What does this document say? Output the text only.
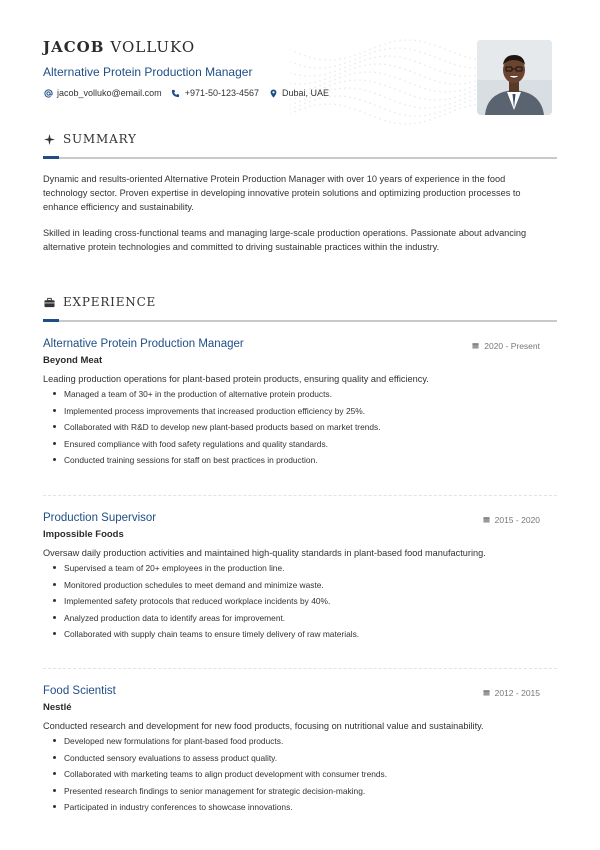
JACOB VOLLUKO
Alternative Protein Production Manager
jacob_volluko@email.com	+971-50-123-4567	Dubai, UAE
SUMMARY

Dynamic and results-oriented Alternative Protein Production Manager with over 10 years of experience in the food technology sector. Proven expertise in developing innovative protein solutions and optimizing production processes to enhance efficiency and sustainability.

Skilled in leading cross-functional teams and managing large-scale production operations. Passionate about advancing alternative protein technologies and committed to driving sustainable practices within the industry.

EXPERIENCE
Alternative Protein Production Manager	2020 - Present
Beyond Meat
Leading production operations for plant-based protein products, ensuring quality and efficiency.
Managed a team of 30+ in the production of alternative protein products.
Implemented process improvements that increased production efficiency by 25%.
Collaborated with R&D to develop new plant-based products based on market trends.
Ensured compliance with food safety regulations and quality standards.
Conducted training sessions for staff on best practices in production.
Production Supervisor	2015 - 2020
Impossible Foods
Oversaw daily production activities and maintained high-quality standards in plant-based food manufacturing.
Supervised a team of 20+ employees in the production line.
Monitored production schedules to meet demand and minimize waste.
Implemented safety protocols that reduced workplace incidents by 40%.
Analyzed production data to identify areas for improvement.
Collaborated with supply chain teams to ensure timely delivery of raw materials.
Food Scientist	2012 - 2015
Nestlé
Conducted research and development for new food products, focusing on nutritional value and sustainability.
Developed new formulations for plant-based food products.
Conducted sensory evaluations to assess product quality.
Collaborated with marketing teams to align product development with consumer trends.
Presented research findings to senior management for strategic decision-making.
Participated in industry conferences to showcase innovations.
